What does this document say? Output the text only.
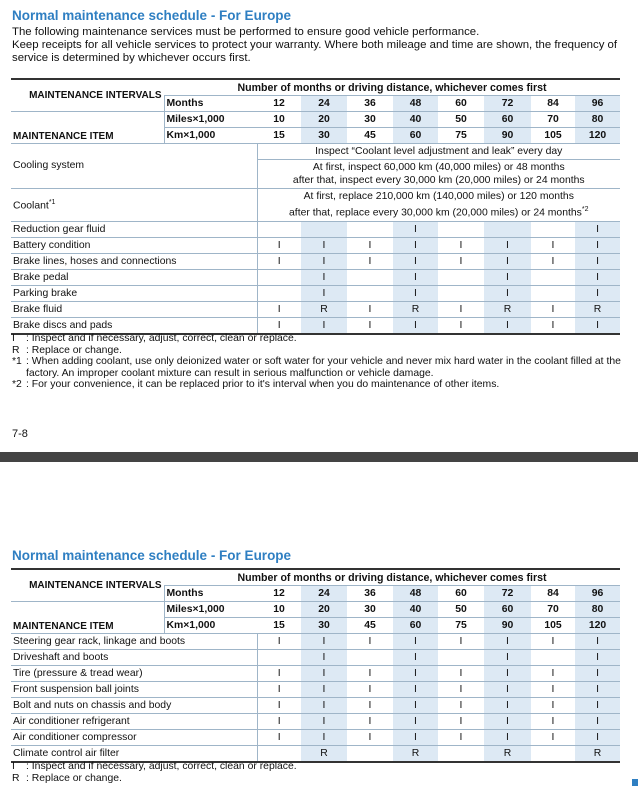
Normal maintenance schedule - For Europe

The following maintenance services must be performed to ensure good vehicle performance.

Keep receipts for all vehicle services to protect your warranty. Where both mileage and time are shown, the frequency of service is determined by whichever occurs first.

MAINTENANCE INTERVALS	Number of months or driving distance, whichever comes first								
	Months	12	24	36	48	60	72	84	96
MAINTENANCE ITEM	Miles×1,000	10	20	30	40	50	60	70	80
	Km×1,000	15	30	45	60	75	90	105	120
Cooling system		Inspect “Coolant level adjustment and leak” every day							

		At first, inspect 60,000 km (40,000 miles) or 48 months
after that, inspect every 30,000 km (20,000 miles) or 24 months							

Coolant$^{*1}$		At first, replace 210,000 km (140,000 miles) or 120 months
after that, replace every 30,000 km (20,000 miles) or 24 months$^{*2}$

Reduction gear fluid					I				I
Battery condition		I	I	I	I	I	I	I	I
Brake lines, hoses and connections		I	I	I	I	I	I	I	I
Brake pedal			I		I		I		I
Parking brake			I		I		I		I
Brake fluid		I	R	I	R	I	R	I	R
Brake discs and pads		I	I	I	I	I	I	I	I
I : Inspect and if necessary, adjust, correct, clean or replace.
R : Replace or change.
*1 : When adding coolant, use only deionized water or soft water for your vehicle and never mix hard water in the coolant filled at the factory. An improper coolant mixture can result in serious malfunction or vehicle damage.
*2 : For your convenience, it can be replaced prior to it's interval when you do maintenance of other items.
7-8
Normal maintenance schedule - For Europe
MAINTENANCE INTERVALS	Number of months or driving distance, whichever comes first								
	Months	12	24	36	48	60	72	84	96
MAINTENANCE ITEM	Miles×1,000	10	20	30	40	50	60	70	80
	Km×1,000	15	30	45	60	75	90	105	120
Steering gear rack, linkage and boots		I	I	I	I	I	I	I	I
Driveshaft and boots			I		I		I		I
Tire (pressure & tread wear)		I	I	I	I	I	I	I	I
Front suspension ball joints		I	I	I	I	I	I	I	I
Bolt and nuts on chassis and body		I	I	I	I	I	I	I	I
Air conditioner refrigerant		I	I	I	I	I	I	I	I
Air conditioner compressor		I	I	I	I	I	I	I	I
Climate control air filter			R		R		R		R
I : Inspect and if necessary, adjust, correct, clean or replace.
R : Replace or change.
